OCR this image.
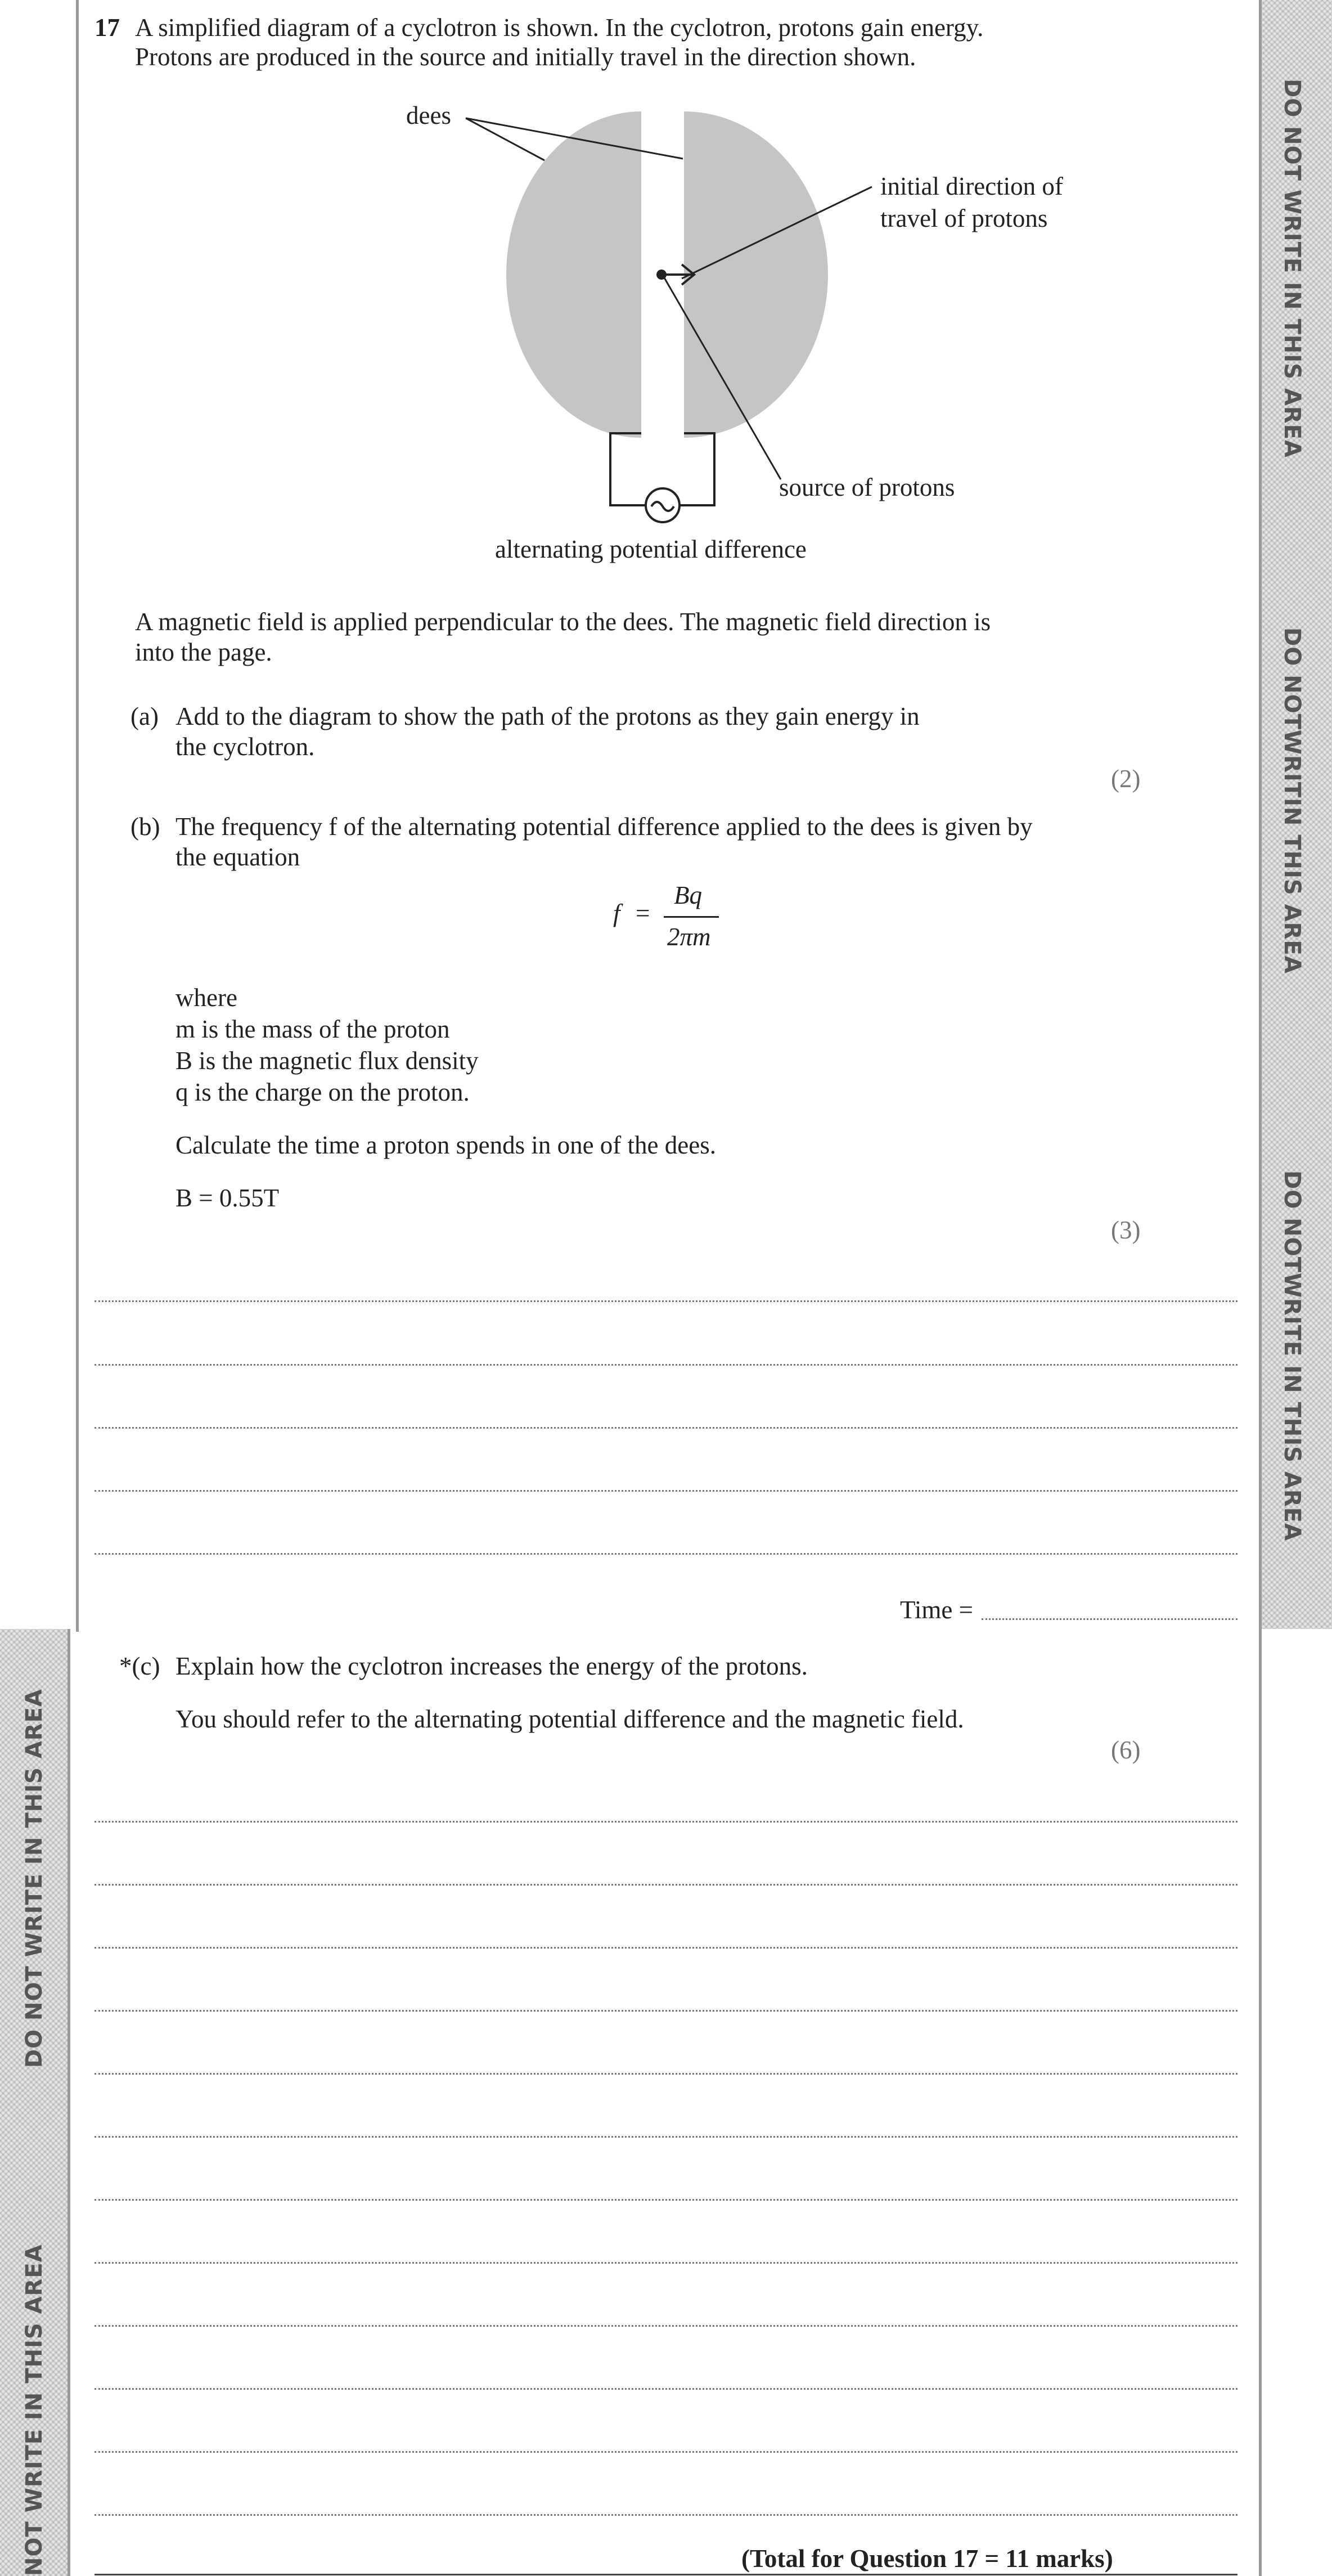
DO NOT WRITE IN THIS AREA
DO NOTWRITIN THIS AREA
DO NOTWRITE IN THIS AREA
DO NOT WRITE IN THIS AREA
NOT WRITE IN THIS AREA
17 A simplified diagram of a cyclotron is shown. In the cyclotron, protons gain energy.
Protons are produced in the source and initially travel in the direction shown.
dees
initial direction of
travel of protons
source of protons
alternating potential difference
A magnetic field is applied perpendicular to the dees. The magnetic field direction is
into the page.
(a) Add to the diagram to show the path of the protons as they gain energy in
the cyclotron.
(2)
(b) The frequency f of the alternating potential difference applied to the dees is given by
the equation
f =
Bq
2πm
where
m is the mass of the proton
B is the magnetic flux density
q is the charge on the proton.
Calculate the time a proton spends in one of the dees.
B = 0.55T
(3)
Time =
*(c) Explain how the cyclotron increases the energy of the protons.
You should refer to the alternating potential difference and the magnetic field.
(6)
(Total for Question 17 = 11 marks)
